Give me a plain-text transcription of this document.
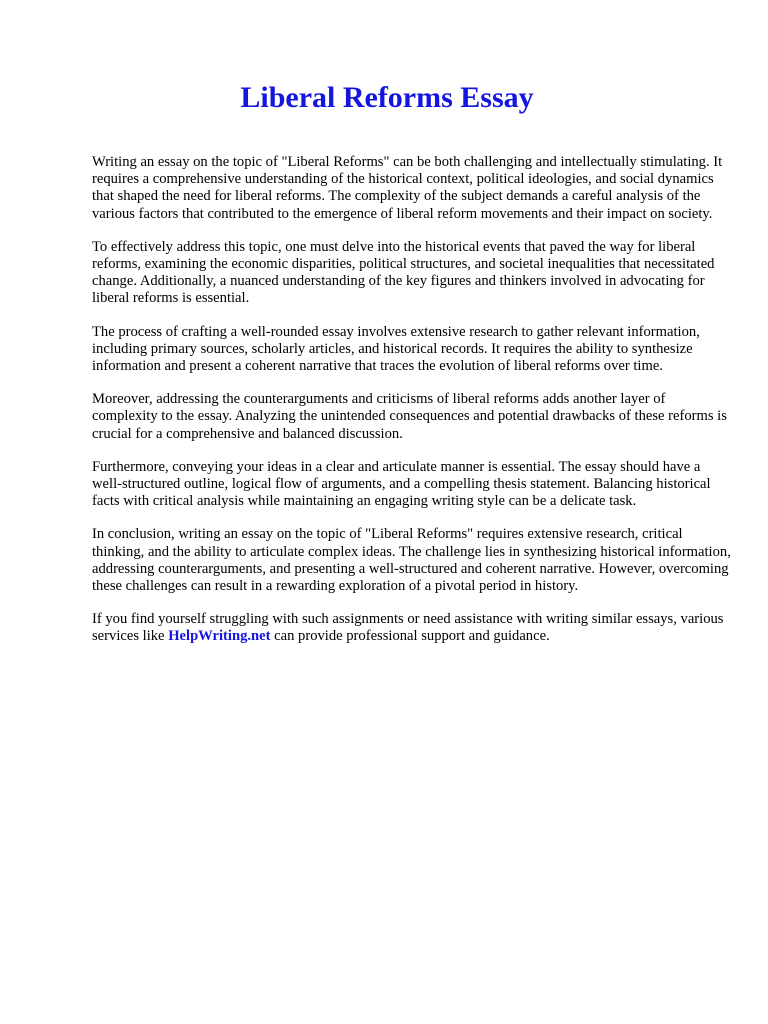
Liberal Reforms Essay

Writing an essay on the topic of "Liberal Reforms" can be both challenging and intellectually stimulating. It requires a comprehensive understanding of the historical context, political ideologies, and social dynamics that shaped the need for liberal reforms. The complexity of the subject demands a careful analysis of the various factors that contributed to the emergence of liberal reform movements and their impact on society.

To effectively address this topic, one must delve into the historical events that paved the way for liberal reforms, examining the economic disparities, political structures, and societal inequalities that necessitated change. Additionally, a nuanced understanding of the key figures and thinkers involved in advocating for liberal reforms is essential.

The process of crafting a well-rounded essay involves extensive research to gather relevant information, including primary sources, scholarly articles, and historical records. It requires the ability to synthesize information and present a coherent narrative that traces the evolution of liberal reforms over time.

Moreover, addressing the counterarguments and criticisms of liberal reforms adds another layer of complexity to the essay. Analyzing the unintended consequences and potential drawbacks of these reforms is crucial for a comprehensive and balanced discussion.

Furthermore, conveying your ideas in a clear and articulate manner is essential. The essay should have a well-structured outline, logical flow of arguments, and a compelling thesis statement. Balancing historical facts with critical analysis while maintaining an engaging writing style can be a delicate task.

In conclusion, writing an essay on the topic of "Liberal Reforms" requires extensive research, critical thinking, and the ability to articulate complex ideas. The challenge lies in synthesizing historical information, addressing counterarguments, and presenting a well-structured and coherent narrative. However, overcoming these challenges can result in a rewarding exploration of a pivotal period in history.

If you find yourself struggling with such assignments or need assistance with writing similar essays, various services like HelpWriting.net can provide professional support and guidance.
